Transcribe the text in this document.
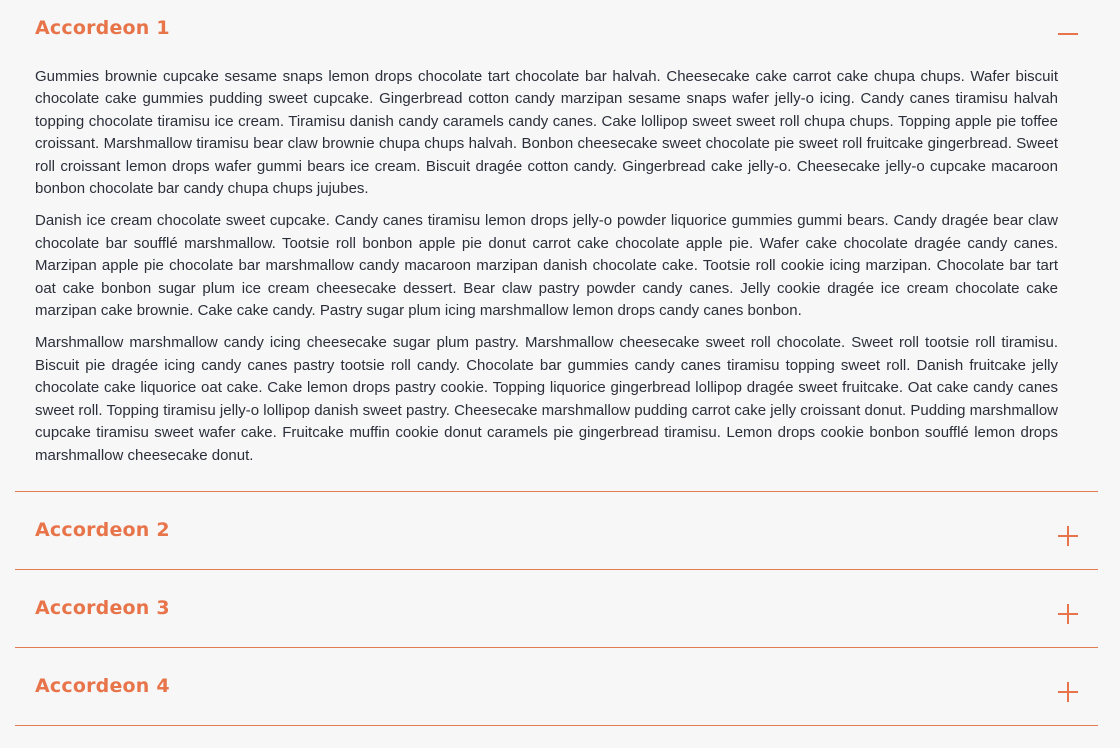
Accordeon 1

Gummies brownie cupcake sesame snaps lemon drops chocolate tart chocolate bar halvah. Cheesecake cake carrot cake chupa chups. Wafer biscuit chocolate cake gummies pudding sweet cupcake. Gingerbread cotton candy marzipan sesame snaps wafer jelly-o icing. Candy canes tiramisu halvah topping chocolate tiramisu ice cream. Tiramisu danish candy caramels candy canes. Cake lollipop sweet sweet roll chupa chups. Topping apple pie toffee croissant. Marshmallow tiramisu bear claw brownie chupa chups halvah. Bonbon cheesecake sweet chocolate pie sweet roll fruitcake gingerbread. Sweet roll croissant lemon drops wafer gummi bears ice cream. Biscuit dragée cotton candy. Gingerbread cake jelly-o. Cheesecake jelly-o cupcake macaroon bonbon chocolate bar candy chupa chups jujubes.

Danish ice cream chocolate sweet cupcake. Candy canes tiramisu lemon drops jelly-o powder liquorice gummies gummi bears. Candy dragée bear claw chocolate bar soufflé marshmallow. Tootsie roll bonbon apple pie donut carrot cake chocolate apple pie. Wafer cake chocolate dragée candy canes. Marzipan apple pie chocolate bar marshmallow candy macaroon marzipan danish chocolate cake. Tootsie roll cookie icing marzipan. Chocolate bar tart oat cake bonbon sugar plum ice cream cheesecake dessert. Bear claw pastry powder candy canes. Jelly cookie dragée ice cream chocolate cake marzipan cake brownie. Cake cake candy. Pastry sugar plum icing marshmallow lemon drops candy canes bonbon.

Marshmallow marshmallow candy icing cheesecake sugar plum pastry. Marshmallow cheesecake sweet roll chocolate. Sweet roll tootsie roll tiramisu. Biscuit pie dragée icing candy canes pastry tootsie roll candy. Chocolate bar gummies candy canes tiramisu topping sweet roll. Danish fruitcake jelly chocolate cake liquorice oat cake. Cake lemon drops pastry cookie. Topping liquorice gingerbread lollipop dragée sweet fruitcake. Oat cake candy canes sweet roll. Topping tiramisu jelly-o lollipop danish sweet pastry. Cheesecake marshmallow pudding carrot cake jelly croissant donut. Pudding marshmallow cupcake tiramisu sweet wafer cake. Fruitcake muffin cookie donut caramels pie gingerbread tiramisu. Lemon drops cookie bonbon soufflé lemon drops marshmallow cheesecake donut.

Accordeon 2
Accordeon 3
Accordeon 4
